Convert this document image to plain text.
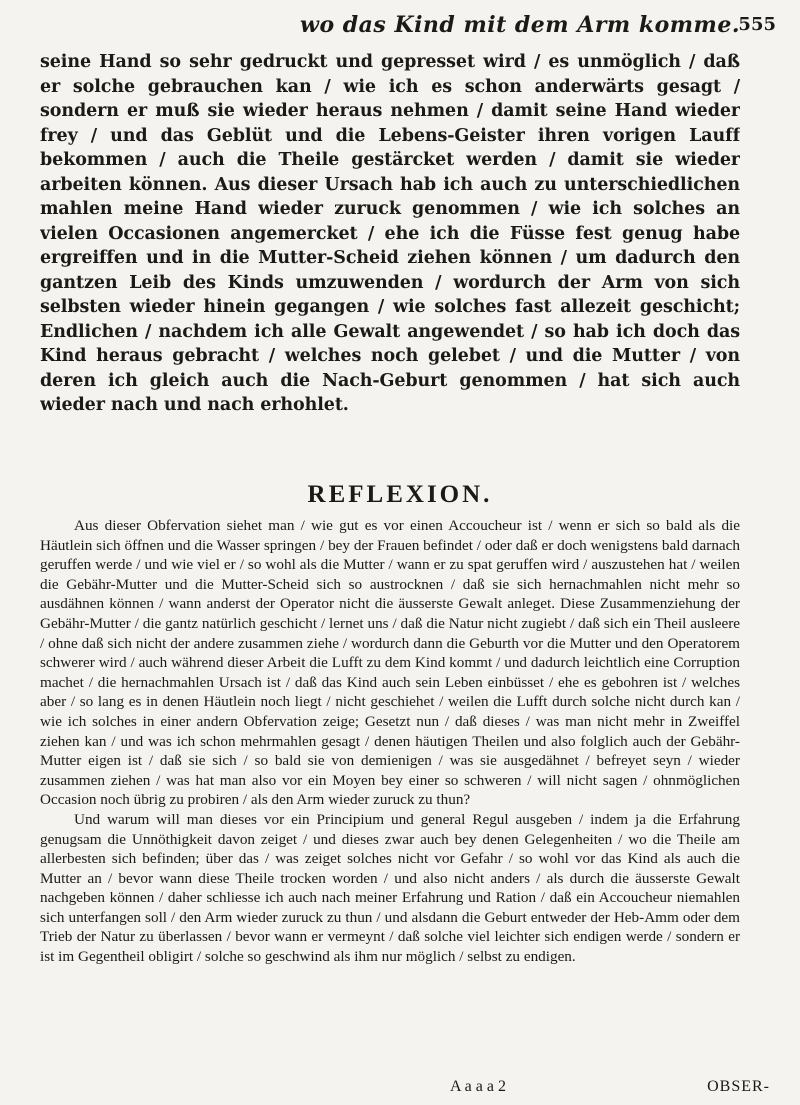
wo das Kind mit dem Arm komme.
555
seine Hand so sehr gedruckt und gepresset wird / es unmöglich / daß er solche gebrauchen kan / wie ich es schon anderwärts gesagt / sondern er muß sie wieder heraus nehmen / damit seine Hand wieder frey / und das Geblüt und die Lebens-Geister ihren vorigen Lauff bekommen / auch die Theile gestärcket werden / damit sie wieder arbeiten können. Aus dieser Ursach hab ich auch zu unterschiedlichen mahlen meine Hand wieder zuruck genommen / wie ich solches an vielen Occasionen angemercket / ehe ich die Füsse fest genug habe ergreiffen und in die Mutter-Scheid ziehen können / um dadurch den gantzen Leib des Kinds umzuwenden / wordurch der Arm von sich selbsten wieder hinein gegangen / wie solches fast allezeit geschicht; Endlichen / nachdem ich alle Gewalt angewendet / so hab ich doch das Kind heraus gebracht / welches noch gelebet / und die Mutter / von deren ich gleich auch die Nach-Geburt genommen / hat sich auch wieder nach und nach erhohlet.
REFLEXION.

Aus dieser Obfervation siehet man / wie gut es vor einen Accoucheur ist / wenn er sich so bald als die Häutlein sich öffnen und die Wasser springen / bey der Frauen befindet / oder daß er doch wenigstens bald darnach geruffen werde / und wie viel er / so wohl als die Mutter / wann er zu spat geruffen wird / auszustehen hat / weilen die Gebähr-Mutter und die Mutter-Scheid sich so austrocknen / daß sie sich hernachmahlen nicht mehr so ausdähnen können / wann anderst der Operator nicht die äusserste Gewalt anleget. Diese Zusammenziehung der Gebähr-Mutter / die gantz natürlich geschicht / lernet uns / daß die Natur nicht zugiebt / daß sich ein Theil ausleere / ohne daß sich nicht der andere zusammen ziehe / wordurch dann die Geburth vor die Mutter und den Operatorem schwerer wird / auch während dieser Arbeit die Lufft zu dem Kind kommt / und dadurch leichtlich eine Corruption machet / die hernachmahlen Ursach ist / daß das Kind auch sein Leben einbüsset / ehe es gebohren ist / welches aber / so lang es in denen Häutlein noch liegt / nicht geschiehet / weilen die Lufft durch solche nicht durch kan / wie ich solches in einer andern Obfervation zeige; Gesetzt nun / daß dieses / was man nicht mehr in Zweiffel ziehen kan / und was ich schon mehrmahlen gesagt / denen häutigen Theilen und also folglich auch der Gebähr-Mutter eigen ist / daß sie sich / so bald sie von demienigen / was sie ausgedähnet / befreyet seyn / wieder zusammen ziehen / was hat man also vor ein Moyen bey einer so schweren / will nicht sagen / ohnmöglichen Occasion noch übrig zu probiren / als den Arm wieder zuruck zu thun?

Und warum will man dieses vor ein Principium und general Regul ausgeben / indem ja die Erfahrung genugsam die Unnöthigkeit davon zeiget / und dieses zwar auch bey denen Gelegenheiten / wo die Theile am allerbesten sich befinden; über das / was zeiget solches nicht vor Gefahr / so wohl vor das Kind als auch die Mutter an / bevor wann diese Theile trocken worden / und also nicht anders / als durch die äusserste Gewalt nachgeben können / daher schliesse ich auch nach meiner Erfahrung und Ration / daß ein Accoucheur niemahlen sich unterfangen soll / den Arm wieder zuruck zu thun / und alsdann die Geburt entweder der Heb-Amm oder dem Trieb der Natur zu überlassen / bevor wann er vermeynt / daß solche viel leichter sich endigen werde / sondern er ist im Gegentheil obligirt / solche so geschwind als ihm nur möglich / selbst zu endigen.

A a a a 2	OBSER-
